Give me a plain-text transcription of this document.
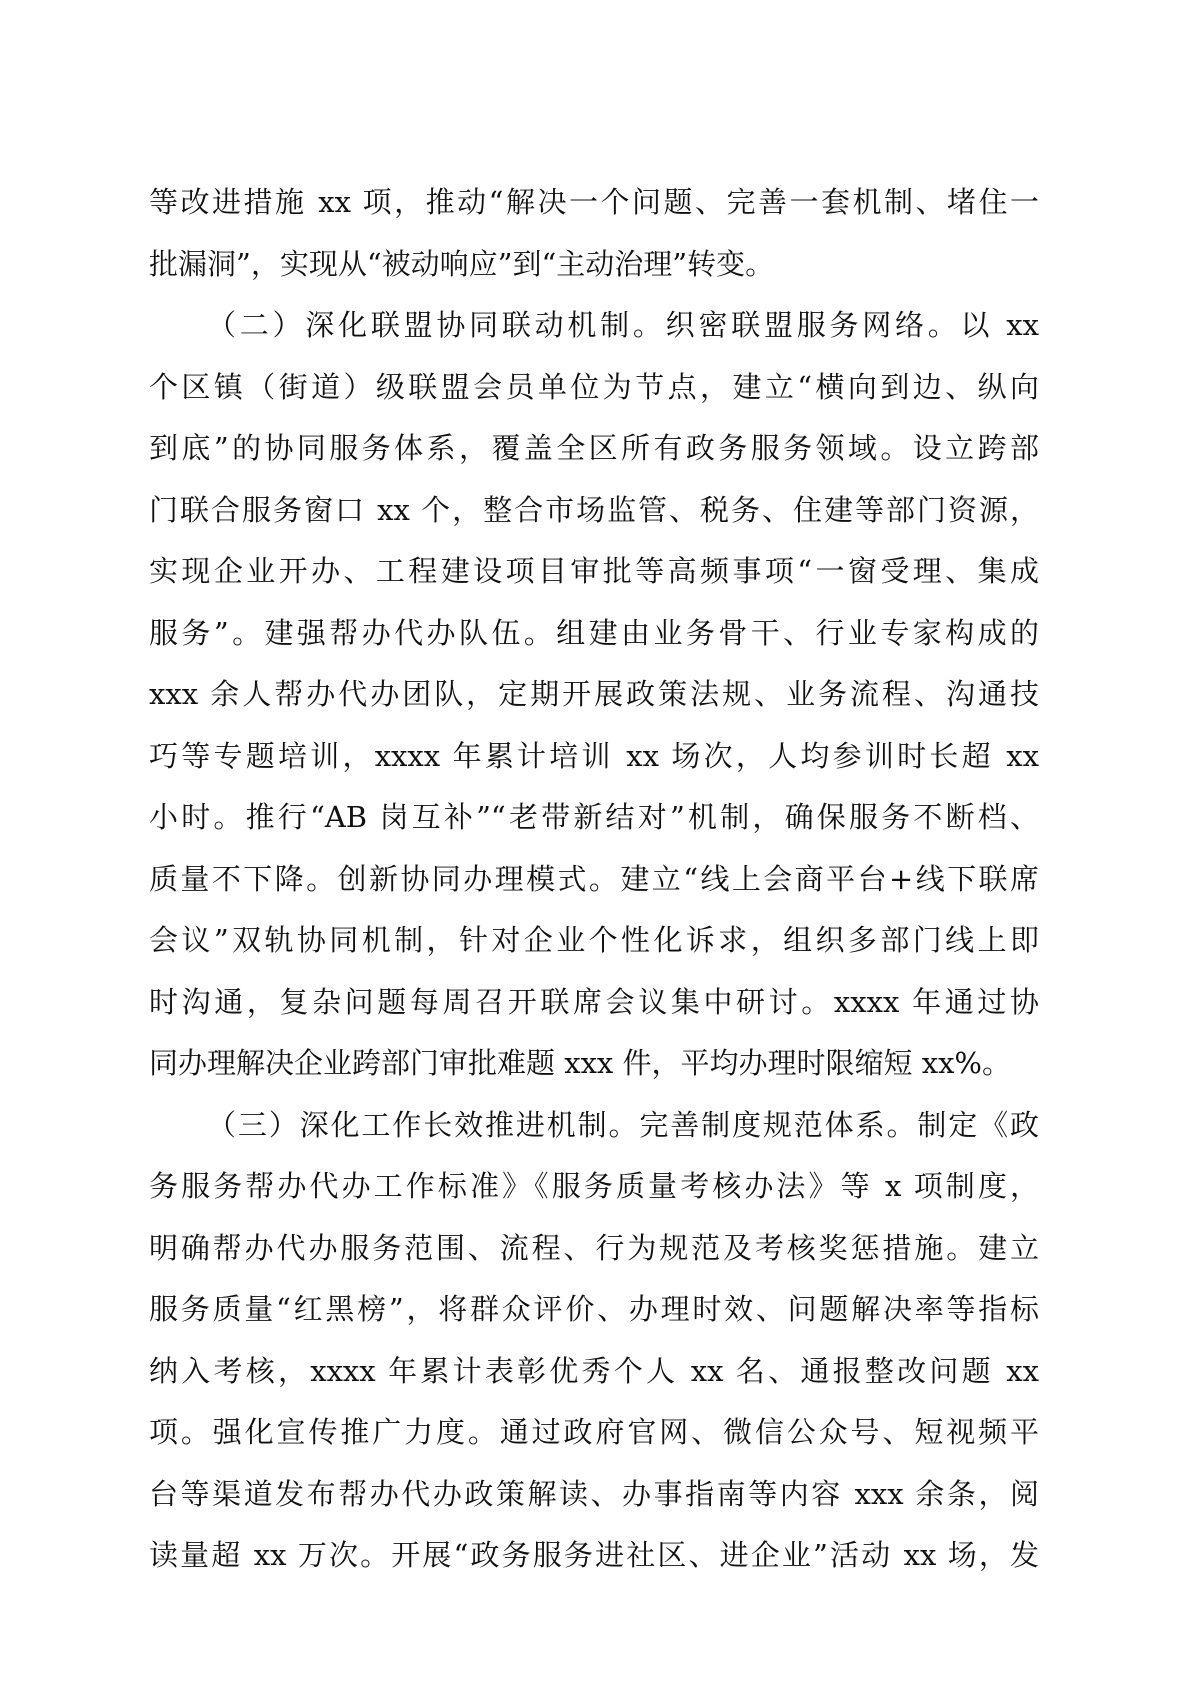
等改进措施 xx 项，推动“解决一个问题、完善一套机制、堵住一
批漏洞”，实现从“被动响应”到“主动治理”转变。
（二）深化联盟协同联动机制。织密联盟服务网络。以 xx
个区镇（街道）级联盟会员单位为节点，建立“横向到边、纵向
到底”的协同服务体系，覆盖全区所有政务服务领域。设立跨部
门联合服务窗口 xx 个，整合市场监管、税务、住建等部门资源，
实现企业开办、工程建设项目审批等高频事项“一窗受理、集成
服务”。建强帮办代办队伍。组建由业务骨干、行业专家构成的
xxx 余人帮办代办团队，定期开展政策法规、业务流程、沟通技
巧等专题培训，xxxx 年累计培训 xx 场次，人均参训时长超 xx
小时。推行“AB 岗互补”“老带新结对”机制，确保服务不断档、
质量不下降。创新协同办理模式。建立“线上会商平台+线下联席
会议”双轨协同机制，针对企业个性化诉求，组织多部门线上即
时沟通，复杂问题每周召开联席会议集中研讨。xxxx 年通过协
同办理解决企业跨部门审批难题 xxx 件，平均办理时限缩短 xx%。
（三）深化工作长效推进机制。完善制度规范体系。制定《政
务服务帮办代办工作标准》《服务质量考核办法》等 x 项制度，
明确帮办代办服务范围、流程、行为规范及考核奖惩措施。建立
服务质量“红黑榜”，将群众评价、办理时效、问题解决率等指标
纳入考核，xxxx 年累计表彰优秀个人 xx 名、通报整改问题 xx
项。强化宣传推广力度。通过政府官网、微信公众号、短视频平
台等渠道发布帮办代办政策解读、办事指南等内容 xxx 余条，阅
读量超 xx 万次。开展“政务服务进社区、进企业”活动 xx 场，发
